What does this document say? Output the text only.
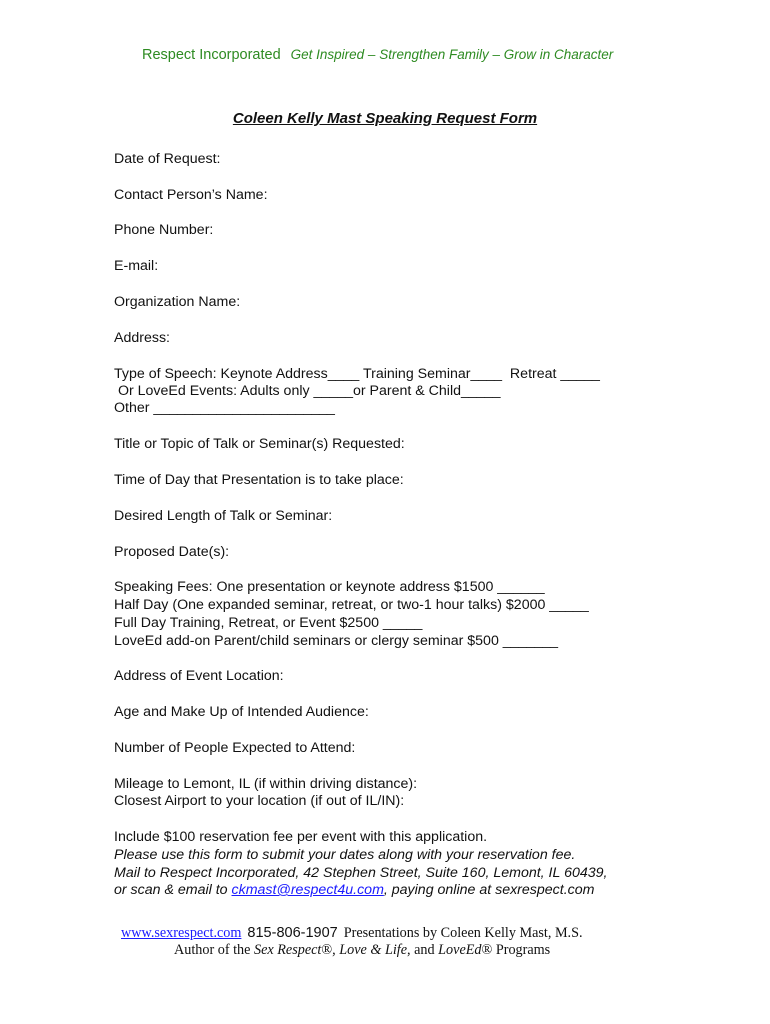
Respect Incorporated Get Inspired – Strengthen Family – Grow in Character
Coleen Kelly Mast Speaking Request Form
Date of Request:
Contact Person’s Name:
Phone Number:
E-mail:
Organization Name:
Address:
Type of Speech: Keynote Address____ Training Seminar____  Retreat _____
Or LoveEd Events: Adults only _____or Parent & Child_____
Other _______________________
Title or Topic of Talk or Seminar(s) Requested:
Time of Day that Presentation is to take place:
Desired Length of Talk or Seminar:
Proposed Date(s):
Speaking Fees: One presentation or keynote address $1500 ______
Half Day (One expanded seminar, retreat, or two-1 hour talks) $2000 _____
Full Day Training, Retreat, or Event $2500 _____
LoveEd add-on Parent/child seminars or clergy seminar $500 _______
Address of Event Location:
Age and Make Up of Intended Audience:
Number of People Expected to Attend:
Mileage to Lemont, IL (if within driving distance):
Closest Airport to your location (if out of IL/IN):
Include $100 reservation fee per event with this application.
Please use this form to submit your dates along with your reservation fee.
Mail to Respect Incorporated, 42 Stephen Street, Suite 160, Lemont, IL 60439,
or scan & email to ckmast@respect4u.com, paying online at sexrespect.com
www.sexrespect.com 815-806-1907 Presentations by Coleen Kelly Mast, M.S.
Author of the Sex Respect®, Love & Life, and LoveEd® Programs
